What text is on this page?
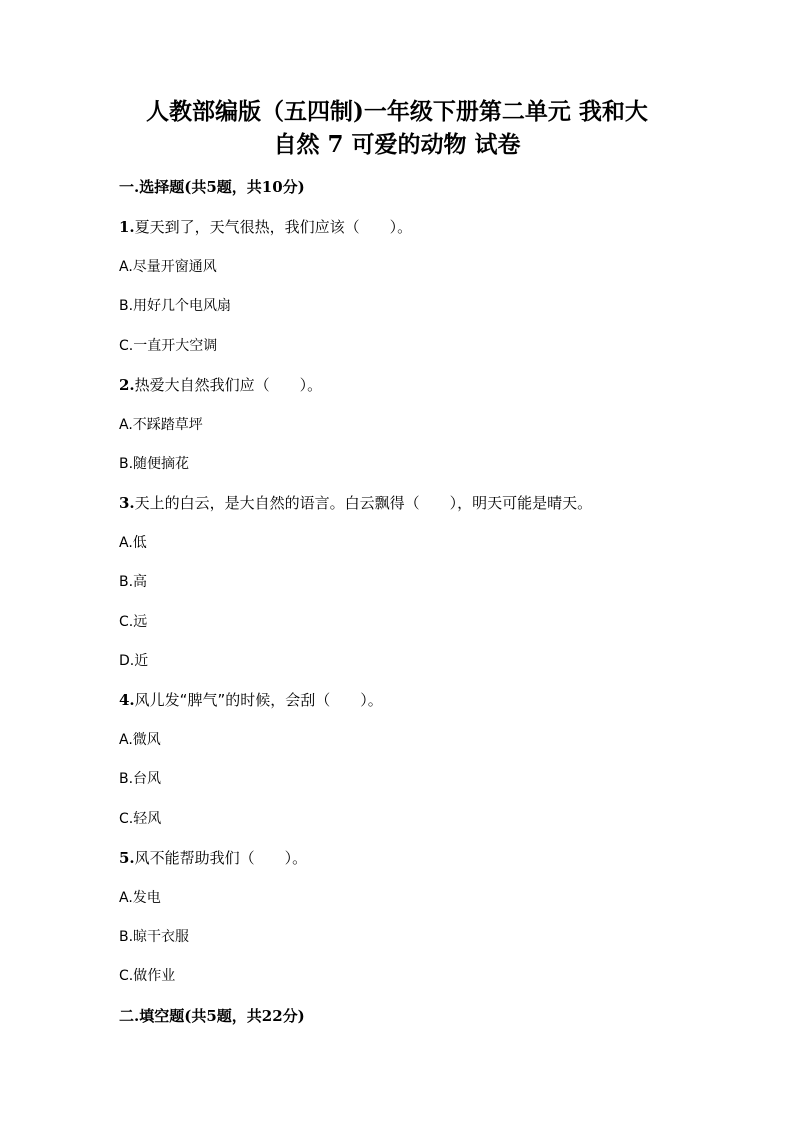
人教部编版（五四制)一年级下册第二单元 我和大
自然 7 可爱的动物 试卷
一.选择题(共5题，共10分)
1.夏天到了，天气很热，我们应该（　　）。
A.尽量开窗通风
B.用好几个电风扇
C.一直开大空调
2.热爱大自然我们应（　　）。
A.不踩踏草坪
B.随便摘花
3.天上的白云，是大自然的语言。白云飘得（　　），明天可能是晴天。
A.低
B.高
C.远
D.近
4.风儿发“脾气”的时候，会刮（　　）。
A.微风
B.台风
C.轻风
5.风不能帮助我们（　　）。
A.发电
B.晾干衣服
C.做作业
二.填空题(共5题，共22分)
